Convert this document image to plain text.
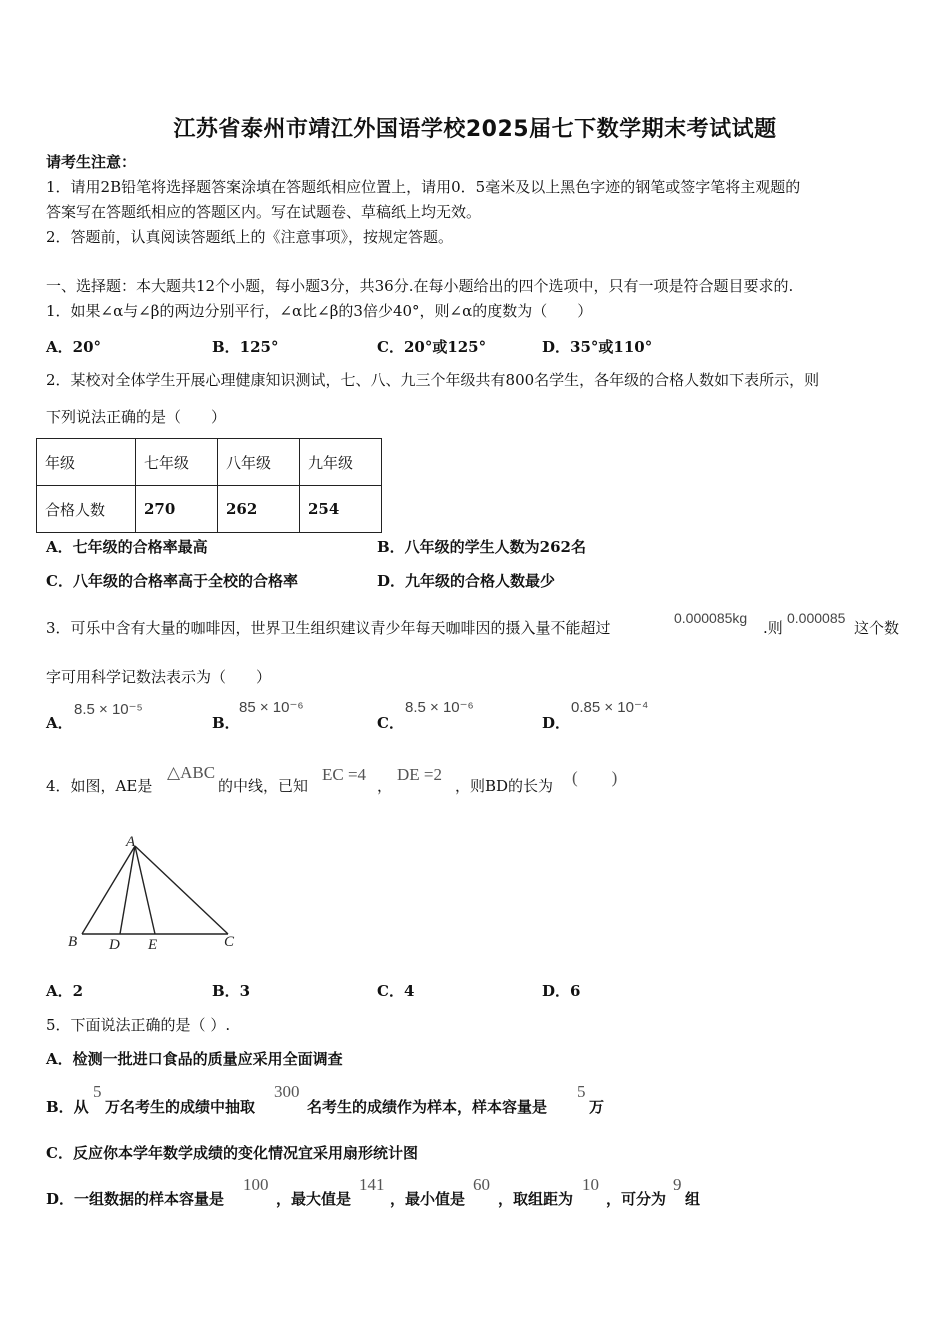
江苏省泰州市靖江外国语学校2025届七下数学期末考试试题
请考生注意：
1．请用2B铅笔将选择题答案涂填在答题纸相应位置上，请用0．5毫米及以上黑色字迹的钢笔或签字笔将主观题的
答案写在答题纸相应的答题区内。写在试题卷、草稿纸上均无效。
2．答题前，认真阅读答题纸上的《注意事项》，按规定答题。
一、选择题：本大题共12个小题，每小题3分，共36分.在每小题给出的四个选项中，只有一项是符合题目要求的.
1．如果∠α与∠β的两边分别平行，∠α比∠β的3倍少40°，则∠α的度数为（　　）
A．20°	B．125°	C．20°或125°	D．35°或110°
2．某校对全体学生开展心理健康知识测试，七、八、九三个年级共有800名学生，各年级的合格人数如下表所示，则
下列说法正确的是（　　）
年级	七年级	八年级	九年级
合格人数	270	262	254
A．七年级的合格率最高	B．八年级的学生人数为262名
C．八年级的合格率高于全校的合格率	D．九年级的合格人数最少
3．可乐中含有大量的咖啡因，世界卫生组织建议青少年每天咖啡因的摄入量不能超过
0.000085kg
.则
0.000085
这个数
字可用科学记数法表示为（　　）
A．
8.5 × 10⁻⁵
B．
85 × 10⁻⁶
C．
8.5 × 10⁻⁶
D．
0.85 × 10⁻⁴
4．如图，AE是
△ABC
的中线，已知
EC =4
，
DE =2
，则BD的长为 (　　)
A
B D E	C
A．2	B．3	C．4	D．6
5．下面说法正确的是（ ）.
A．检测一批进口食品的质量应采用全面调查
B．从
5
万名考生的成绩中抽取
300
名考生的成绩作为样本，样本容量是
5
万
C．反应你本学年数学成绩的变化情况宜采用扇形统计图
D．一组数据的样本容量是
100
，最大值是
141
，最小值是
60
，取组距为
10
，可分为
9
组
